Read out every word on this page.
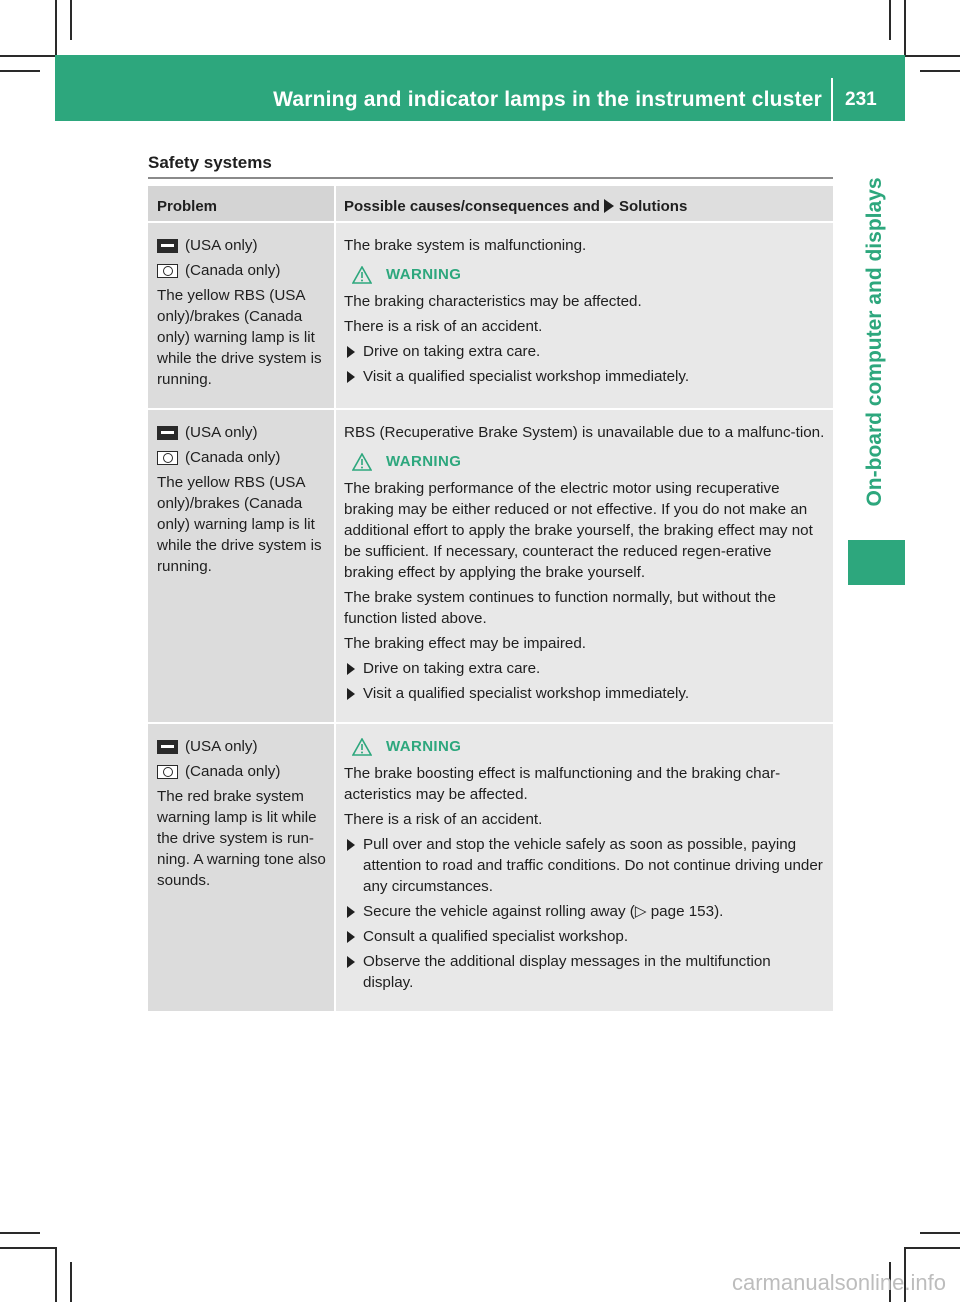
Warning and indicator lamps in the instrument cluster 231
On-board computer and displays
Safety systems
Problem	Possible causes/consequences and Solutions
(USA only)
(Canada only)

The yellow RBS (USA only)/brakes (Canada only) warning lamp is lit while the drive system is running.

The brake system is malfunctioning.

WARNING

The braking characteristics may be affected.

There is a risk of an accident.

Drive on taking extra care.
Visit a qualified specialist workshop immediately.
(USA only)
(Canada only)

The yellow RBS (USA only)/brakes (Canada only) warning lamp is lit while the drive system is running.

RBS (Recuperative Brake System) is unavailable due to a malfunc-tion.

WARNING

The braking performance of the electric motor using recuperative braking may be either reduced or not effective. If you do not make an additional effort to apply the brake yourself, the braking effect may not be sufficient. If necessary, counteract the reduced regen-erative braking effect by applying the brake yourself.

The brake system continues to function normally, but without the function listed above.

The braking effect may be impaired.

Drive on taking extra care.
Visit a qualified specialist workshop immediately.
(USA only)
(Canada only)

The red brake system warning lamp is lit while the drive system is run-ning. A warning tone also sounds.

WARNING

The brake boosting effect is malfunctioning and the braking char-acteristics may be affected.

There is a risk of an accident.

Pull over and stop the vehicle safely as soon as possible, paying attention to road and traffic conditions. Do not continue driving under any circumstances.
Secure the vehicle against rolling away (▷ page 153).
Consult a qualified specialist workshop.
Observe the additional display messages in the multifunction display.
carmanualsonline.info
